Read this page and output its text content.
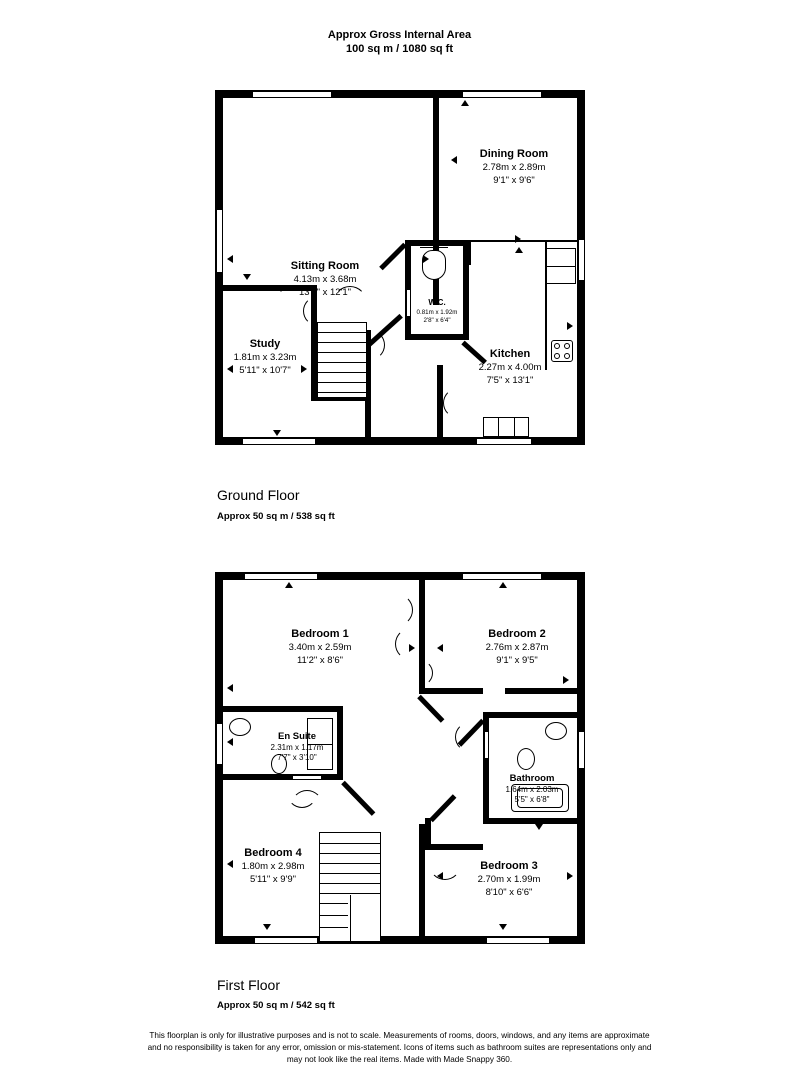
Approx Gross Internal Area
100 sq m / 1080 sq ft
Sitting Room
4.13m x 3.68m
13'7" x 12'1"
Dining Room
2.78m x 2.89m
9'1" x 9'6"
Study
1.81m x 3.23m
5'11" x 10'7"
Kitchen
2.27m x 4.00m
7'5" x 13'1"
W.C.
0.81m x 1.92m
2'8" x 6'4"
Ground Floor
Approx 50 sq m / 538 sq ft
Bedroom 1
3.40m x 2.59m
11'2" x 8'6"
Bedroom 2
2.76m x 2.87m
9'1" x 9'5"
En Suite
2.31m x 1.17m
7'7" x 3'10"
Bathroom
1.64m x 2.03m
5'5" x 6'8"
Bedroom 4
1.80m x 2.98m
5'11" x 9'9"
Bedroom 3
2.70m x 1.99m
8'10" x 6'6"
First Floor
Approx 50 sq m / 542 sq ft
This floorplan is only for illustrative purposes and is not to scale. Measurements of rooms, doors, windows, and any items are approximate
and no responsibility is taken for any error, omission or mis-statement. Icons of items such as bathroom suites are representations only and
may not look like the real items. Made with Made Snappy 360.
